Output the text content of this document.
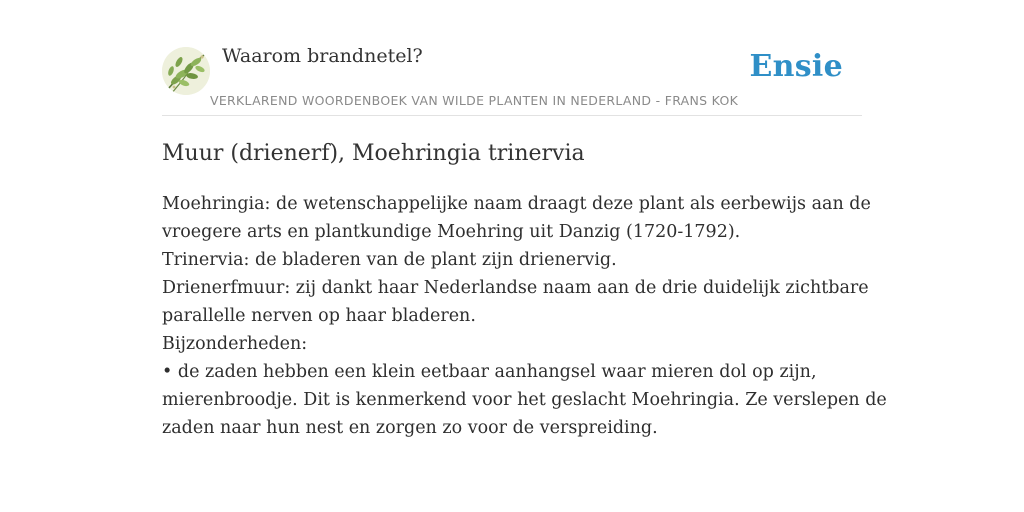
Waarom brandnetel?	Ensie
VERKLAREND WOORDENBOEK VAN WILDE PLANTEN IN NEDERLAND - FRANS KOK
Muur (drienerf), Moehringia trinervia
Moehringia: de wetenschappelijke naam draagt deze plant als eerbewijs aan de
vroegere arts en plantkundige Moehring uit Danzig (1720-1792).
Trinervia: de bladeren van de plant zijn drienervig.
Drienerfmuur: zij dankt haar Nederlandse naam aan de drie duidelijk zichtbare
parallelle nerven op haar bladeren.
Bijzonderheden:
• de zaden hebben een klein eetbaar aanhangsel waar mieren dol op zijn,
mierenbroodje. Dit is kenmerkend voor het geslacht Moehringia. Ze verslepen de
zaden naar hun nest en zorgen zo voor de verspreiding.
